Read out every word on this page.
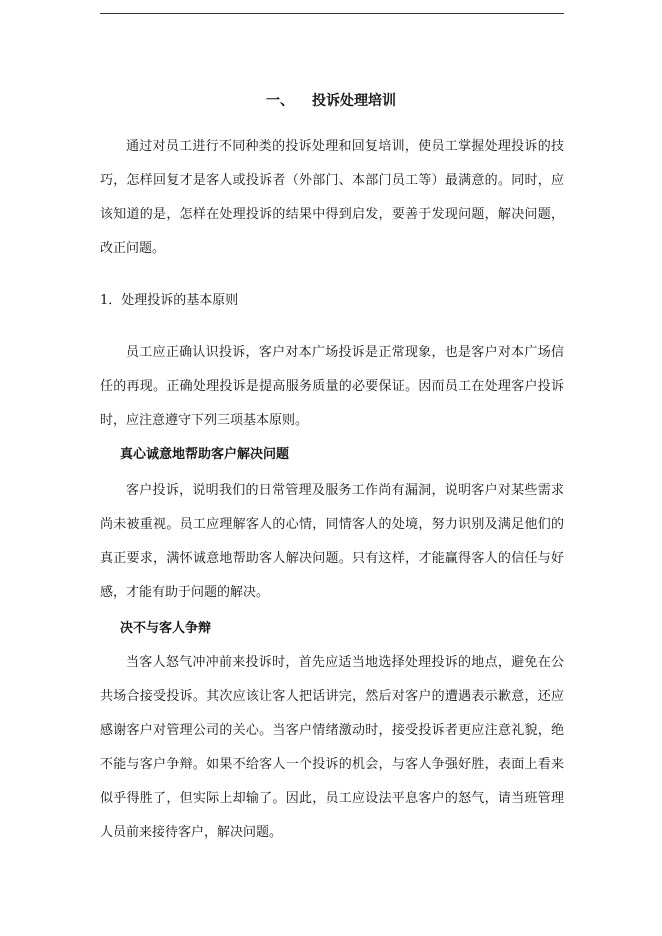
一、 投诉处理培训

通过对员工进行不同种类的投诉处理和回复培训，使员工掌握处理投诉的技巧，怎样回复才是客人或投诉者（外部门、本部门员工等）最满意的。同时，应该知道的是，怎样在处理投诉的结果中得到启发，要善于发现问题，解决问题，改正问题。

1．处理投诉的基本原则

员工应正确认识投诉，客户对本广场投诉是正常现象，也是客户对本广场信任的再现。正确处理投诉是提高服务质量的必要保证。因而员工在处理客户投诉时，应注意遵守下列三项基本原则。

真心诚意地帮助客户解决问题

客户投诉，说明我们的日常管理及服务工作尚有漏洞，说明客户对某些需求尚未被重视。员工应理解客人的心情，同情客人的处境，努力识别及满足他们的真正要求，满怀诚意地帮助客人解决问题。只有这样，才能赢得客人的信任与好感，才能有助于问题的解决。

决不与客人争辩

当客人怒气冲冲前来投诉时，首先应适当地选择处理投诉的地点，避免在公共场合接受投诉。其次应该让客人把话讲完，然后对客户的遭遇表示歉意，还应感谢客户对管理公司的关心。当客户情绪激动时，接受投诉者更应注意礼貌，绝不能与客户争辩。如果不给客人一个投诉的机会，与客人争强好胜，表面上看来似乎得胜了，但实际上却输了。因此，员工应设法平息客户的怒气，请当班管理人员前来接待客户，解决问题。
